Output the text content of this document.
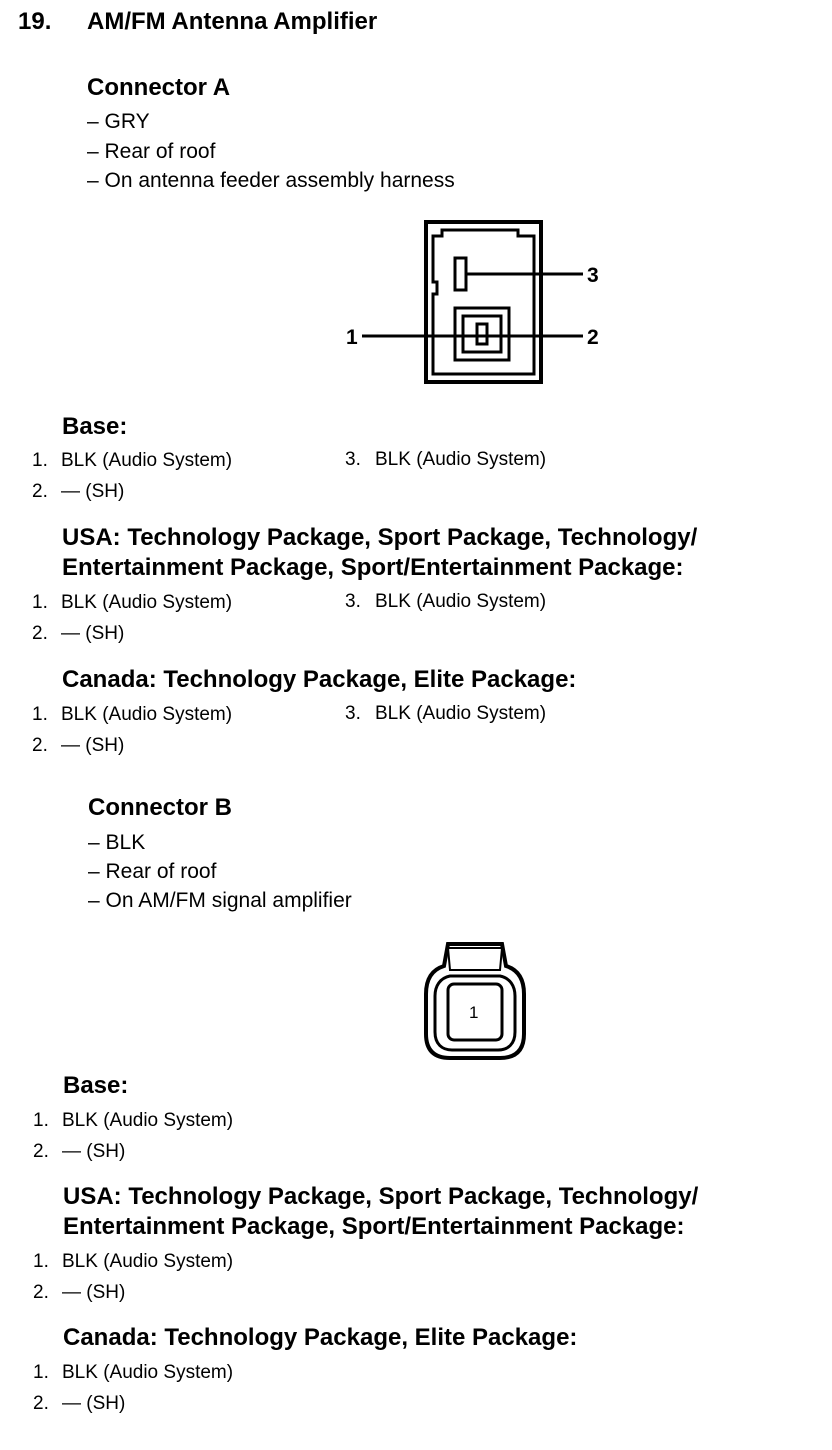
19. AM/FM Antenna Amplifier
Connector A
– GRY
– Rear of roof
– On antenna feeder assembly harness
3
1	2
Base:
1. BLK (Audio System)
2. — (SH)
3. BLK (Audio System)
USA: Technology Package, Sport Package, Technology/
Entertainment Package, Sport/Entertainment Package:
1. BLK (Audio System)
2. — (SH)
3. BLK (Audio System)
Canada: Technology Package, Elite Package:
1. BLK (Audio System)
2. — (SH)
3. BLK (Audio System)
Connector B
– BLK
– Rear of roof
– On AM/FM signal amplifier
1
Base:
1. BLK (Audio System)
2. — (SH)
USA: Technology Package, Sport Package, Technology/
Entertainment Package, Sport/Entertainment Package:
1. BLK (Audio System)
2. — (SH)
Canada: Technology Package, Elite Package:
1. BLK (Audio System)
2. — (SH)
